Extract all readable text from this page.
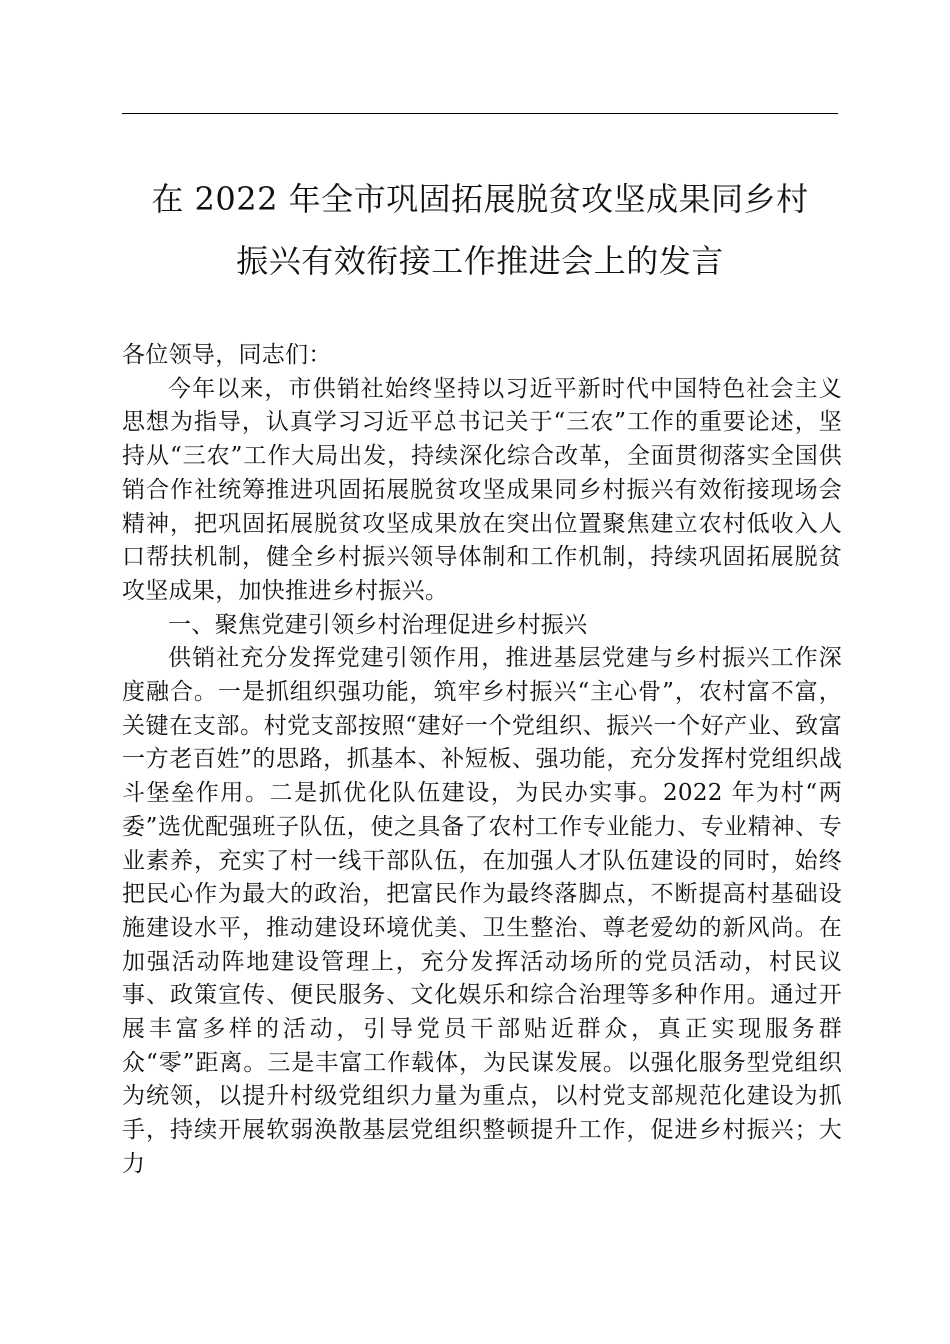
在 2022 年全市巩固拓展脱贫攻坚成果同乡村
振兴有效衔接工作推进会上的发言

各位领导，同志们：

今年以来，市供销社始终坚持以习近平新时代中国特色社会主义思想为指导，认真学习习近平总书记关于“三农”工作的重要论述，坚持从“三农”工作大局出发，持续深化综合改革，全面贯彻落实全国供销合作社统筹推进巩固拓展脱贫攻坚成果同乡村振兴有效衔接现场会精神，把巩固拓展脱贫攻坚成果放在突出位置聚焦建立农村低收入人口帮扶机制，健全乡村振兴领导体制和工作机制，持续巩固拓展脱贫攻坚成果，加快推进乡村振兴。

一、聚焦党建引领乡村治理促进乡村振兴

供销社充分发挥党建引领作用，推进基层党建与乡村振兴工作深度融合。一是抓组织强功能，筑牢乡村振兴“主心骨”，农村富不富，关键在支部。村党支部按照“建好一个党组织、振兴一个好产业、致富一方老百姓”的思路，抓基本、补短板、强功能，充分发挥村党组织战斗堡垒作用。二是抓优化队伍建设，为民办实事。2022 年为村“两委”选优配强班子队伍，使之具备了农村工作专业能力、专业精神、专业素养，充实了村一线干部队伍，在加强人才队伍建设的同时，始终把民心作为最大的政治，把富民作为最终落脚点，不断提高村基础设施建设水平，推动建设环境优美、卫生整治、尊老爱幼的新风尚。在加强活动阵地建设管理上，充分发挥活动场所的党员活动，村民议事、政策宣传、便民服务、文化娱乐和综合治理等多种作用。通过开展丰富多样的活动，引导党员干部贴近群众，真正实现服务群众“零”距离。三是丰富工作载体，为民谋发展。以强化服务型党组织为统领，以提升村级党组织力量为重点，以村党支部规范化建设为抓手，持续开展软弱涣散基层党组织整顿提升工作，促进乡村振兴；大力
